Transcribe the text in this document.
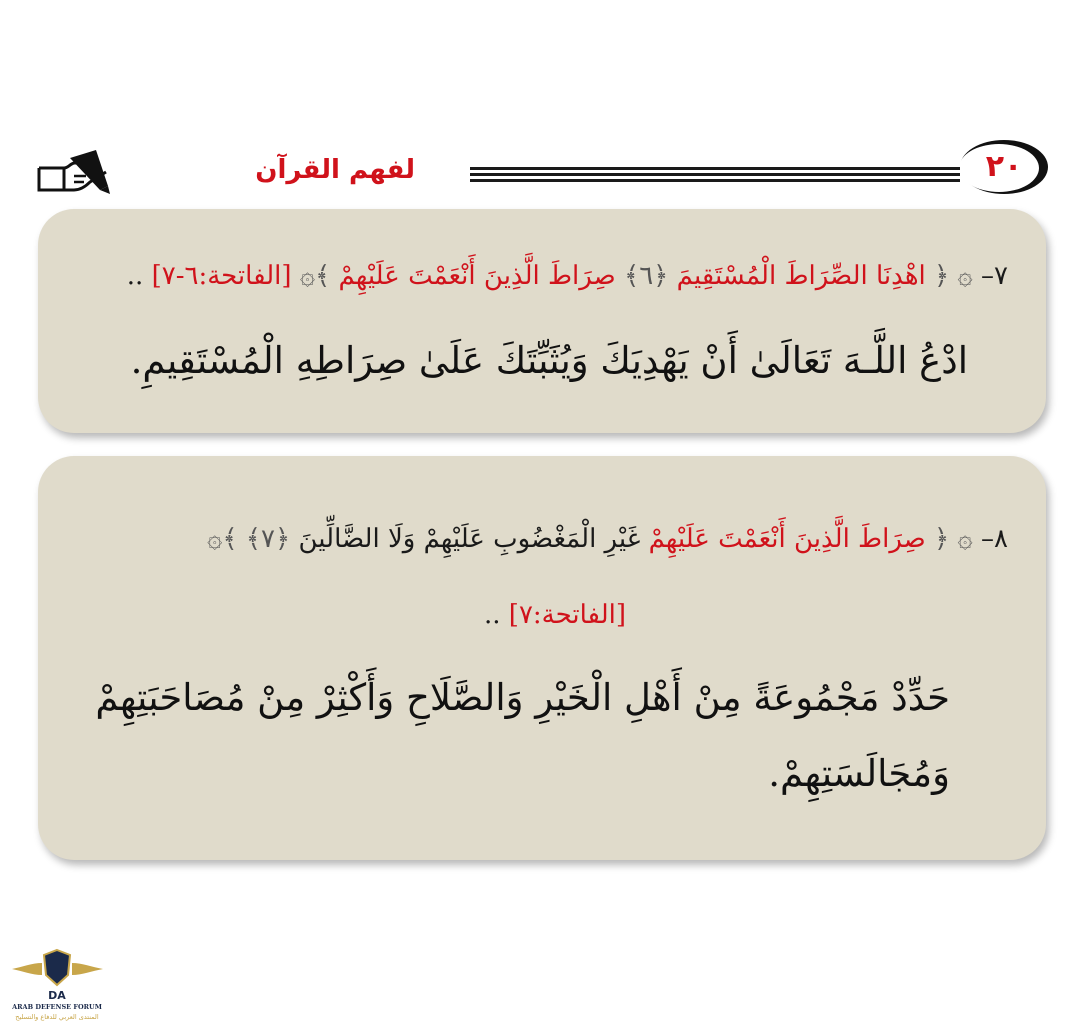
٢٠
لفهم القرآن
٧– ۞ ﴿ اهْدِنَا الصِّرَاطَ الْمُسْتَقِيمَ ﴿٦﴾ صِرَاطَ الَّذِينَ أَنْعَمْتَ عَلَيْهِمْ ﴾۞ [الفاتحة:٦-٧] ..
ادْعُ اللَّـهَ تَعَالَىٰ أَنْ يَهْدِيَكَ وَيُثَبِّتَكَ عَلَىٰ صِرَاطِهِ الْمُسْتَقِيمِ.
٨– ۞ ﴿ صِرَاطَ الَّذِينَ أَنْعَمْتَ عَلَيْهِمْ غَيْرِ الْمَغْضُوبِ عَلَيْهِمْ وَلَا الضَّالِّينَ ﴿٧﴾ ﴾۞
[الفاتحة:٧] ..
حَدِّدْ مَجْمُوعَةً مِنْ أَهْلِ الْخَيْرِ وَالصَّلَاحِ وَأَكْثِرْ مِنْ مُصَاحَبَتِهِمْ
وَمُجَالَسَتِهِمْ.
DA
ARAB DEFENSE FORUM
المنتدى العربي للدفاع والتسليح
